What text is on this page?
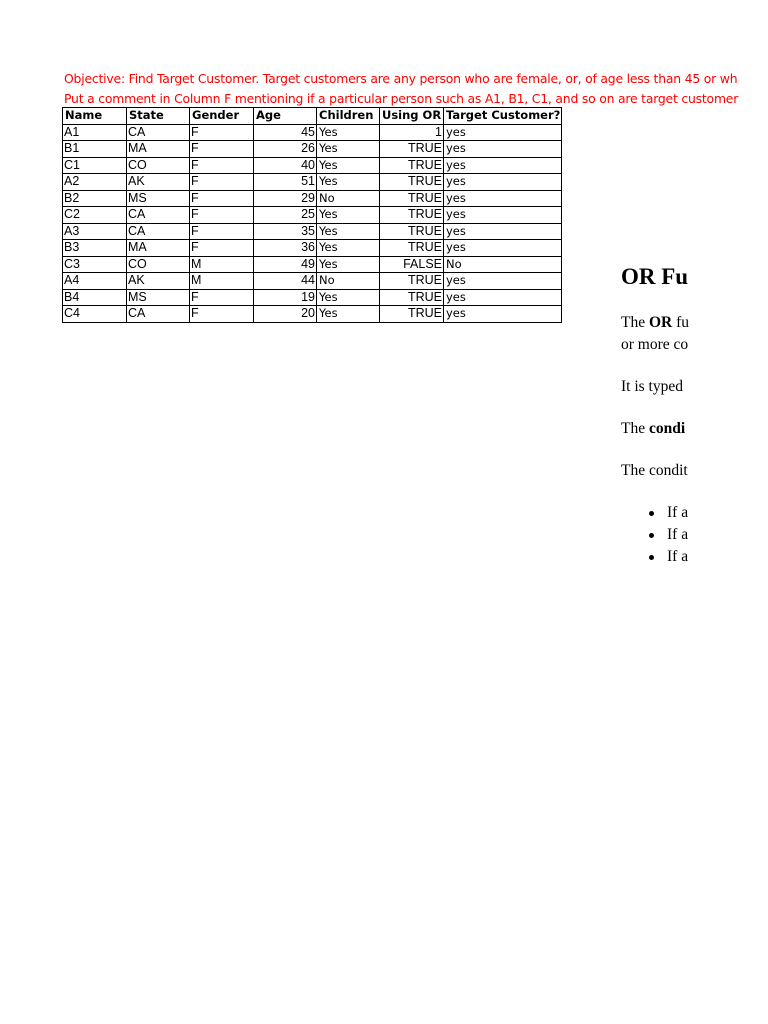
Objective: Find Target Customer. Target customers are any person who are female, or, of age less than 45 or wh
Put a comment in Column F mentioning if a particular person such as A1, B1, C1, and so on are target customer
Name	State	Gender	Age	Children	Using OR	Target Customer?
A1	CA	F	45	Yes	1	yes
B1	MA	F	26	Yes	TRUE	yes
C1	CO	F	40	Yes	TRUE	yes
A2	AK	F	51	Yes	TRUE	yes
B2	MS	F	29	No	TRUE	yes
C2	CA	F	25	Yes	TRUE	yes
A3	CA	F	35	Yes	TRUE	yes
B3	MA	F	36	Yes	TRUE	yes
C3	CO	M	49	Yes	FALSE	No
A4	AK	M	44	No	TRUE	yes
B4	MS	F	19	Yes	TRUE	yes
C4	CA	F	20	Yes	TRUE	yes
OR Fu

The OR fu
or more co

It is typed

The condi

The condit

If a
If a
If a
